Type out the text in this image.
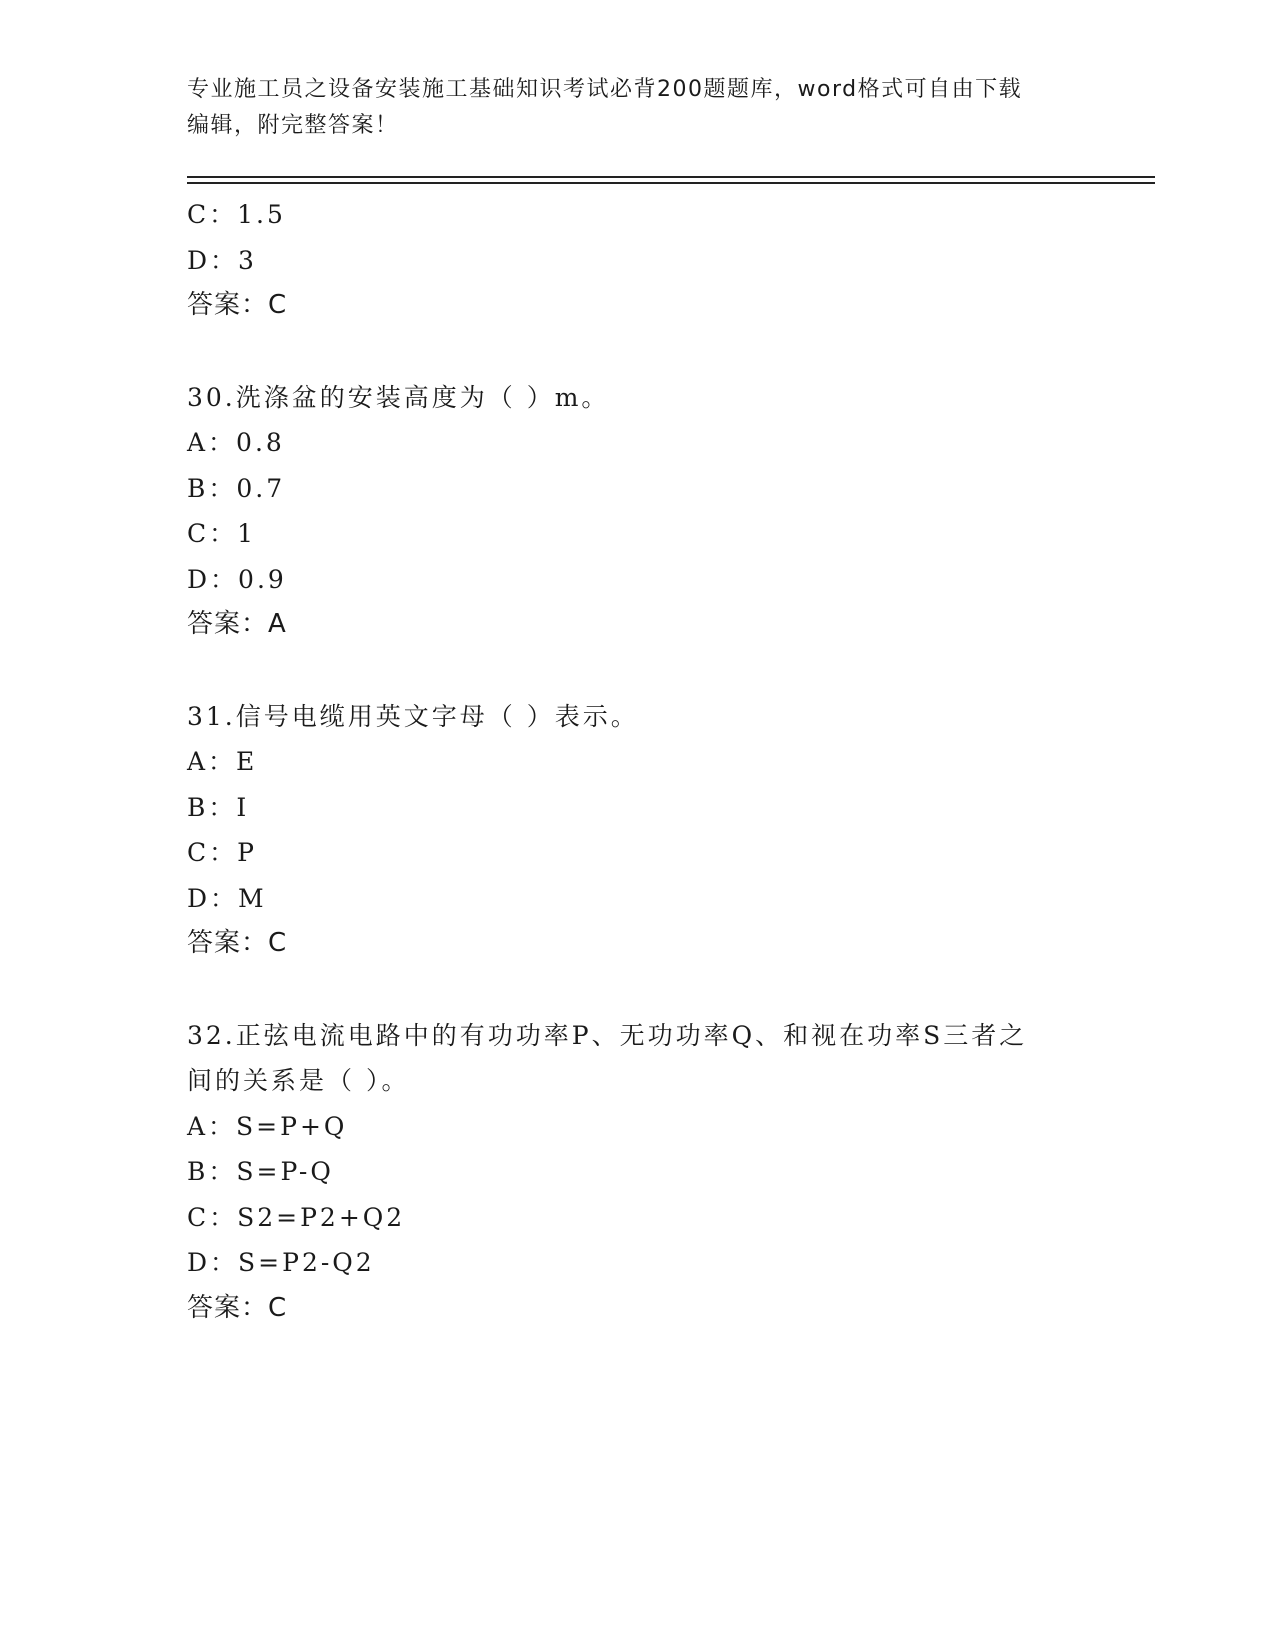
专业施工员之设备安装施工基础知识考试必背200题题库，word格式可自由下载
编辑，附完整答案！
C：1.5
D：3
答案：C
30.洗涤盆的安装高度为（ ）m。
A：0.8
B：0.7
C：1
D：0.9
答案：A
31.信号电缆用英文字母（ ）表示。
A：E
B：I
C：P
D：M
答案：C
32.正弦电流电路中的有功功率P、无功功率Q、和视在功率S三者之
间的关系是（ ）。
A：S=P+Q
B：S=P-Q
C：S2=P2+Q2
D：S=P2-Q2
答案：C
